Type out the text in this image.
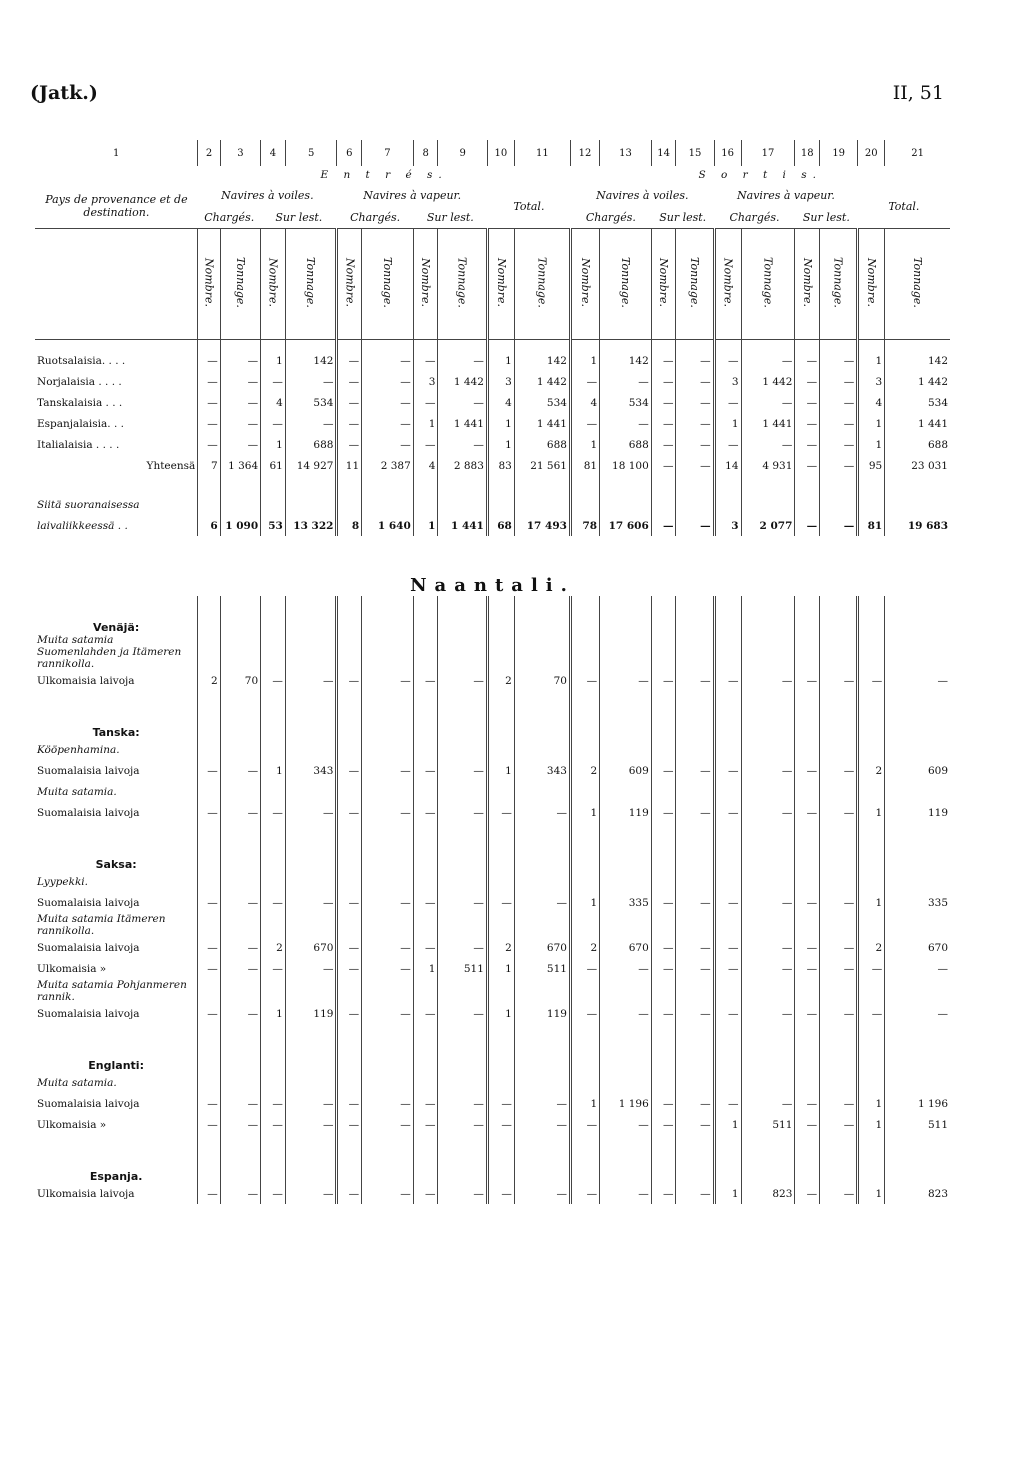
(Jatk.)	II, 51
1	2	3	4	5	6	7	8	9	10	11	12	13	14	15	16	17	18	19	20	21
	E n t r é s.										S o r t i s.									
Pays de provenance et de destination.	Navires à voiles.				Navires à vapeur.				Total.		Navires à voiles.				Navires à vapeur.				Total.	
	Chargés.		Sur lest.		Chargés.		Sur lest.				Chargés.		Sur lest.		Chargés.		Sur lest.			
	Nombre.	Tonnage.	Nombre.	Tonnage.	Nombre.	Tonnage.	Nombre.	Tonnage.	Nombre.	Tonnage.	Nombre.	Tonnage.	Nombre.	Tonnage.	Nombre.	Tonnage.	Nombre.	Tonnage.	Nombre.	Tonnage.

Ruotsalaisia. . . .	—	—	1	142	—	—	—	—	1	142	1	142	—	—	—	—	—	—	1	142
Norjalaisia . . . .	—	—	—	—	—	—	3	1 442	3	1 442	—	—	—	—	3	1 442	—	—	3	1 442
Tanskalaisia . . .	—	—	4	534	—	—	—	—	4	534	4	534	—	—	—	—	—	—	4	534
Espanjalaisia. . .	—	—	—	—	—	—	1	1 441	1	1 441	—	—	—	—	1	1 441	—	—	1	1 441
Italialaisia . . . .	—	—	1	688	—	—	—	—	1	688	1	688	—	—	—	—	—	—	1	688
Yhteensä	7	1 364	61	14 927	11	2 387	4	2 883	83	21 561	81	18 100	—	—	14	4 931	—	—	95	23 031

Siitä suoranaisessa																				
laivaliikkeessä . .	6	1 090	53	13 322	8	1 640	1	1 441	68	17 493	78	17 606	—	—	3	2 077	—	—	81	19 683
Naantali.																				

Venäjä:																				
Muita satamia Suomenlahden ja Itämeren rannikolla.																				
Ulkomaisia laivoja	2	70	—	—	—	—	—	—	2	70	—	—	—	—	—	—	—	—	—	—

Tanska:																				
Kööpenhamina.																				
Suomalaisia laivoja	—	—	1	343	—	—	—	—	1	343	2	609	—	—	—	—	—	—	2	609
Muita satamia.																				
Suomalaisia laivoja	—	—	—	—	—	—	—	—	—	—	1	119	—	—	—	—	—	—	1	119

Saksa:																				
Lyypekki.																				
Suomalaisia laivoja	—	—	—	—	—	—	—	—	—	—	1	335	—	—	—	—	—	—	1	335
Muita satamia Itämeren rannikolla.																				
Suomalaisia laivoja	—	—	2	670	—	—	—	—	2	670	2	670	—	—	—	—	—	—	2	670
Ulkomaisia »	—	—	—	—	—	—	1	511	1	511	—	—	—	—	—	—	—	—	—	—
Muita satamia Pohjanmeren rannik.																				
Suomalaisia laivoja	—	—	1	119	—	—	—	—	1	119	—	—	—	—	—	—	—	—	—	—

Englanti:																				
Muita satamia.																				
Suomalaisia laivoja	—	—	—	—	—	—	—	—	—	—	1	1 196	—	—	—	—	—	—	1	1 196
Ulkomaisia »	—	—	—	—	—	—	—	—	—	—	—	—	—	—	1	511	—	—	1	511

Espanja.																				
Ulkomaisia laivoja	—	—	—	—	—	—	—	—	—	—	—	—	—	—	1	823	—	—	1	823
